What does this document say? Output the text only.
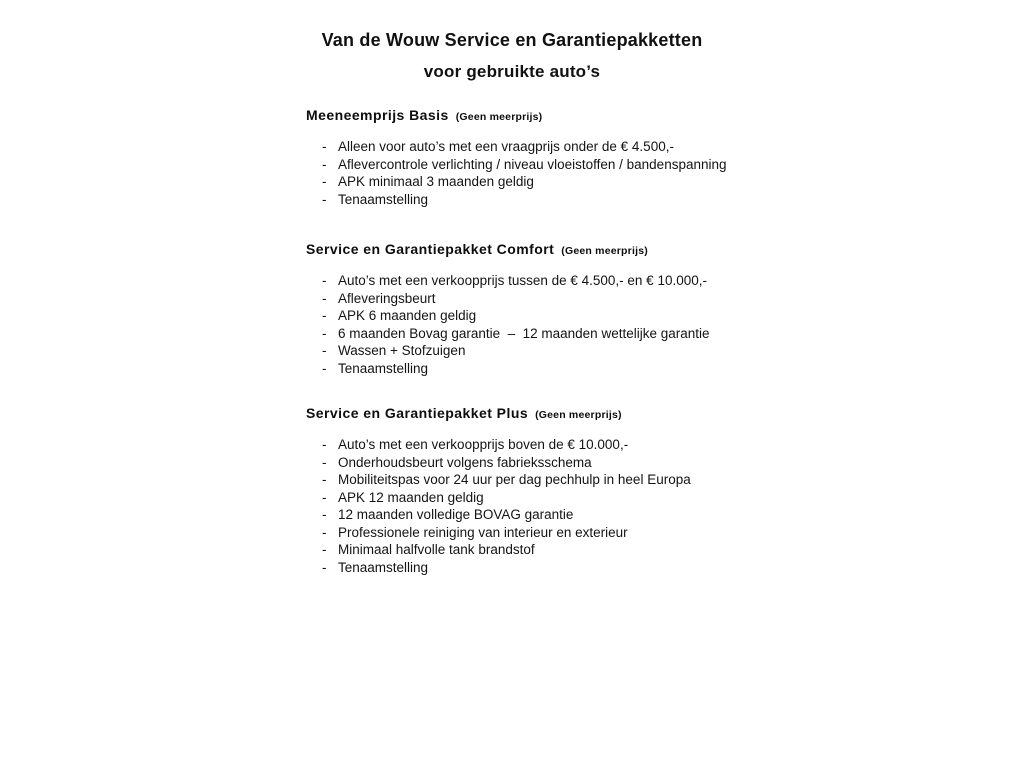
Van de Wouw Service en Garantiepakketten
voor gebruikte auto’s
Meeneemprijs Basis (Geen meerprijs)
- Alleen voor auto’s met een vraagprijs onder de € 4.500,-
- Aflevercontrole verlichting / niveau vloeistoffen / bandenspanning
- APK minimaal 3 maanden geldig
- Tenaamstelling
Service en Garantiepakket Comfort (Geen meerprijs)
- Auto’s met een verkoopprijs tussen de € 4.500,- en € 10.000,-
- Afleveringsbeurt
- APK 6 maanden geldig
- 6 maanden Bovag garantie  –  12 maanden wettelijke garantie
- Wassen + Stofzuigen
- Tenaamstelling
Service en Garantiepakket Plus (Geen meerprijs)
- Auto’s met een verkoopprijs boven de € 10.000,-
- Onderhoudsbeurt volgens fabrieksschema
- Mobiliteitspas voor 24 uur per dag pechhulp in heel Europa
- APK 12 maanden geldig
- 12 maanden volledige BOVAG garantie
- Professionele reiniging van interieur en exterieur
- Minimaal halfvolle tank brandstof
- Tenaamstelling
